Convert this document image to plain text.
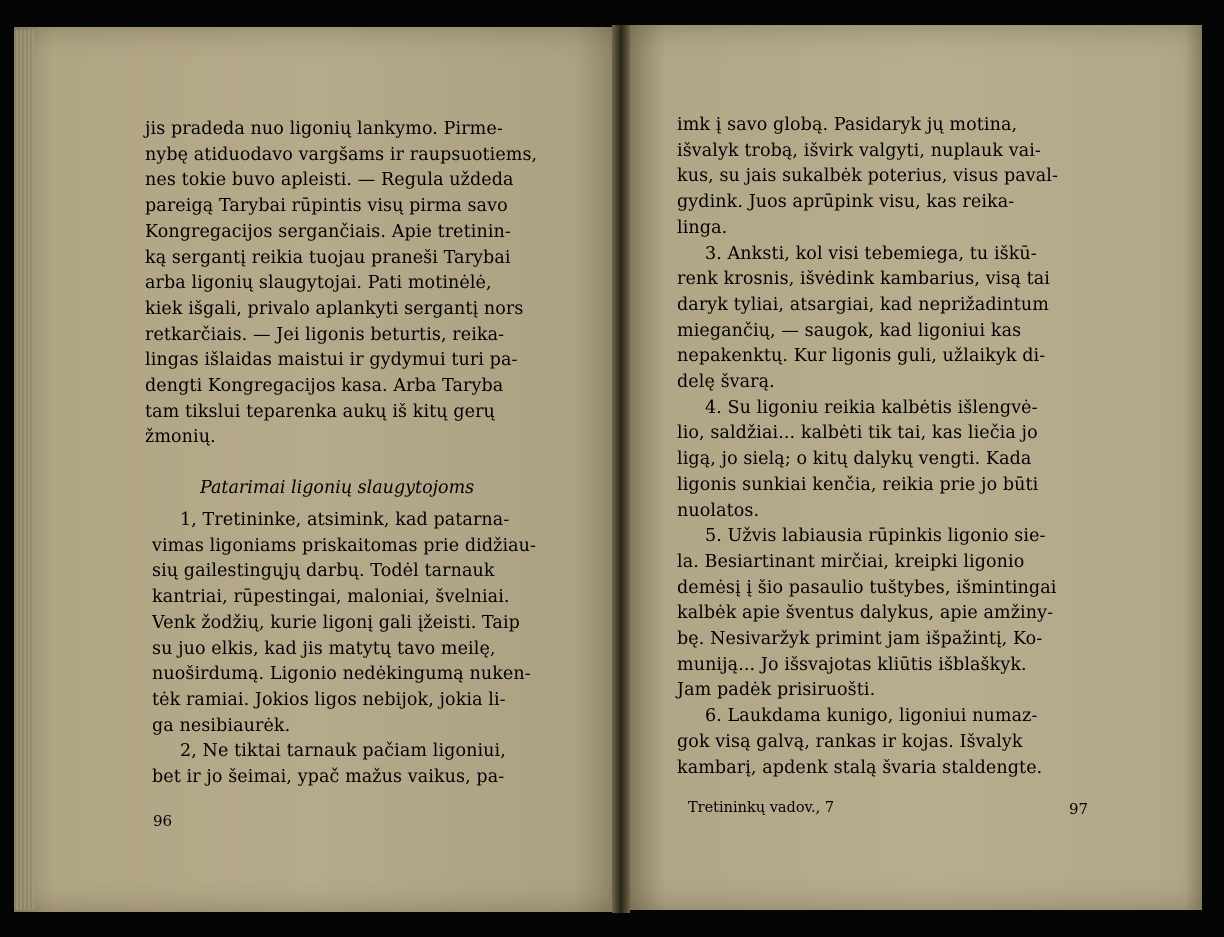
jis pradeda nuo ligonių lankymo. Pirme-
nybę atiduodavo vargšams ir raupsuotiems,
nes tokie buvo apleisti. — Regula uždeda
pareigą Tarybai rūpintis visų pirma savo
Kongregacijos sergančiais. Apie tretinin-
ką sergantį reikia tuojau praneši Tarybai
arba ligonių slaugytojai. Pati motinėlė,
kiek išgali, privalo aplankyti sergantį nors
retkarčiais. — Jei ligonis beturtis, reika-
lingas išlaidas maistui ir gydymui turi pa-
dengti Kongregacijos kasa. Arba Taryba
tam tikslui teparenka aukų iš kitų gerų
žmonių.

Patarimai ligonių slaugytojoms

1, Tretininke, atsimink, kad patarna-
vimas ligoniams priskaitomas prie didžiau-
sių gailestingųjų darbų. Todėl tarnauk
kantriai, rūpestingai, maloniai, švelniai.
Venk žodžių, kurie ligonį gali įžeisti. Taip
su juo elkis, kad jis matytų tavo meilę,
nuoširdumą. Ligonio nedėkingumą nuken-
tėk ramiai. Jokios ligos nebijok, jokia li-
ga nesibiaurėk.

2, Ne tiktai tarnauk pačiam ligoniui,
bet ir jo šeimai, ypač mažus vaikus, pa-

96

imk į savo globą. Pasidaryk jų motina,
išvalyk trobą, išvirk valgyti, nuplauk vai-
kus, su jais sukalbėk poterius, visus paval-
gydink. Juos aprūpink visu, kas reika-
linga.

3. Anksti, kol visi tebemiega, tu iškū-
renk krosnis, išvėdink kambarius, visą tai
daryk tyliai, atsargiai, kad neprižadintum
miegančių, — saugok, kad ligoniui kas
nepakenktų. Kur ligonis guli, užlaikyk di-
delę švarą.

4. Su ligoniu reikia kalbėtis išlengvė-
lio, saldžiai... kalbėti tik tai, kas liečia jo
ligą, jo sielą; o kitų dalykų vengti. Kada
ligonis sunkiai kenčia, reikia prie jo būti
nuolatos.

5. Užvis labiausia rūpinkis ligonio sie-
la. Besiartinant mirčiai, kreipki ligonio
demėsį į šio pasaulio tuštybes, išmintingai
kalbėk apie šventus dalykus, apie amžiny-
bę. Nesivaržyk primint jam išpažintį, Ko-
muniją... Jo išsvajotas kliūtis išblaškyk.
Jam padėk prisiruošti.

6. Laukdama kunigo, ligoniui numaz-
gok visą galvą, rankas ir kojas. Išvalyk
kambarį, apdenk stalą švaria staldengte.

Tretininkų vadov., 7	97
